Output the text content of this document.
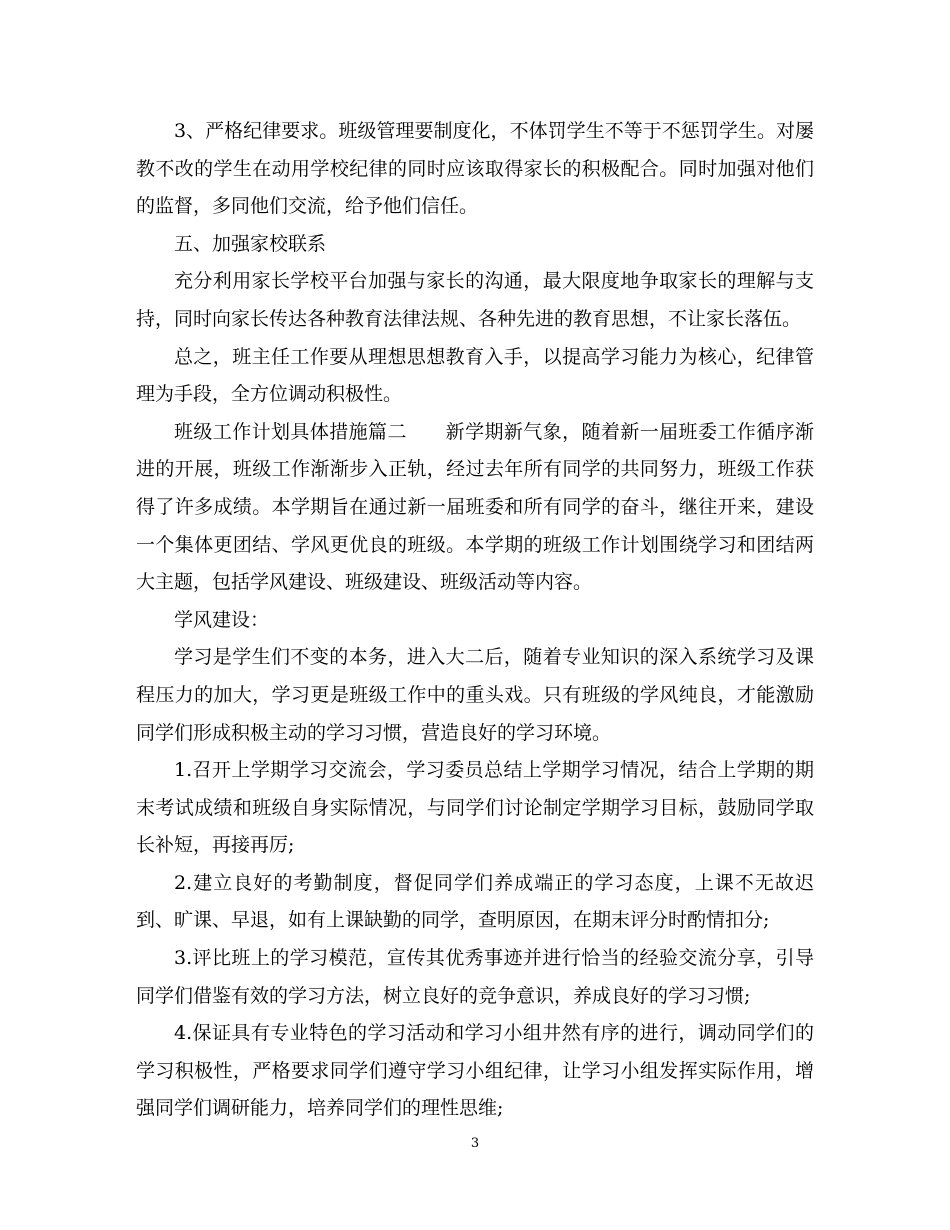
3、严格纪律要求。班级管理要制度化，不体罚学生不等于不惩罚学生。对屡教不改的学生在动用学校纪律的同时应该取得家长的积极配合。同时加强对他们的监督，多同他们交流，给予他们信任。

五、加强家校联系

充分利用家长学校平台加强与家长的沟通，最大限度地争取家长的理解与支持，同时向家长传达各种教育法律法规、各种先进的教育思想，不让家长落伍。

总之，班主任工作要从理想思想教育入手，以提高学习能力为核心，纪律管理为手段，全方位调动积极性。

班级工作计划具体措施篇二　　新学期新气象，随着新一届班委工作循序渐进的开展，班级工作渐渐步入正轨，经过去年所有同学的共同努力，班级工作获得了许多成绩。本学期旨在通过新一届班委和所有同学的奋斗，继往开来，建设一个集体更团结、学风更优良的班级。本学期的班级工作计划围绕学习和团结两大主题，包括学风建设、班级建设、班级活动等内容。

学风建设：

学习是学生们不变的本务，进入大二后，随着专业知识的深入系统学习及课程压力的加大，学习更是班级工作中的重头戏。只有班级的学风纯良，才能激励同学们形成积极主动的学习习惯，营造良好的学习环境。

1.召开上学期学习交流会，学习委员总结上学期学习情况，结合上学期的期末考试成绩和班级自身实际情况，与同学们讨论制定学期学习目标，鼓励同学取长补短，再接再厉;

2.建立良好的考勤制度，督促同学们养成端正的学习态度，上课不无故迟到、旷课、早退，如有上课缺勤的同学，查明原因，在期末评分时酌情扣分;

3.评比班上的学习模范，宣传其优秀事迹并进行恰当的经验交流分享，引导同学们借鉴有效的学习方法，树立良好的竞争意识，养成良好的学习习惯;

4.保证具有专业特色的学习活动和学习小组井然有序的进行，调动同学们的学习积极性，严格要求同学们遵守学习小组纪律，让学习小组发挥实际作用，增强同学们调研能力，培养同学们的理性思维;

3
